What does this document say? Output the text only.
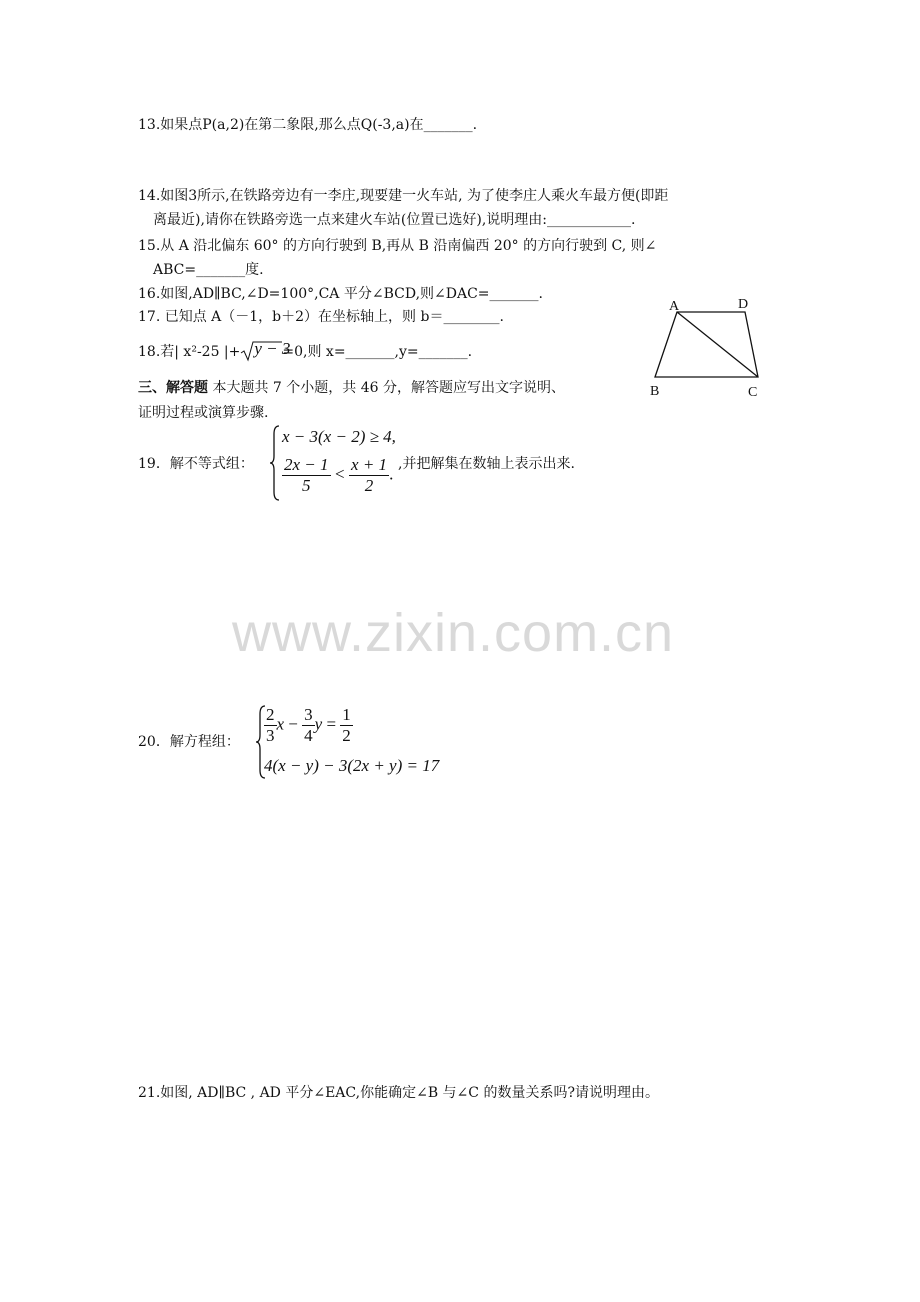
13.如果点P(a,2)在第二象限,那么点Q(-3,a)在_______.
14.如图3所示,在铁路旁边有一李庄,现要建一火车站, 为了使李庄人乘火车最方便(即距
离最近),请你在铁路旁选一点来建火车站(位置已选好),说明理由:____________.
15.从 A 沿北偏东 60° 的方向行驶到 B,再从 B 沿南偏西 20° 的方向行驶到 C, 则∠
ABC=_______度.
16.如图,AD∥BC,∠D=100°,CA 平分∠BCD,则∠DAC=_______.
17. 已知点 A（－1，b＋2）在坐标轴上，则 b＝________.
18.若| x²-25 |+ y − 3
=0,则 x=_______,y=_______.
三、解答题 本大题共 7 个小题，共 46 分，解答题应写出文字说明、
证明过程或演算步骤.
A	D
B	C
19．解不等式组：
x − 3(x − 2) ≥ 4,
$\frac{2x - 1}{5} < \frac{x + 1}{2}$ .
,并把解集在数轴上表示出来.
www.zixin.com.cn
20．解方程组： $\frac{2}{3}$ $x - \frac{3}{4}$ $y = \frac{1}{2}$
4(x − y) − 3(2x + y) = 17
21.如图, AD∥BC , AD 平分∠EAC,你能确定∠B 与∠C 的数量关系吗?请说明理由。
